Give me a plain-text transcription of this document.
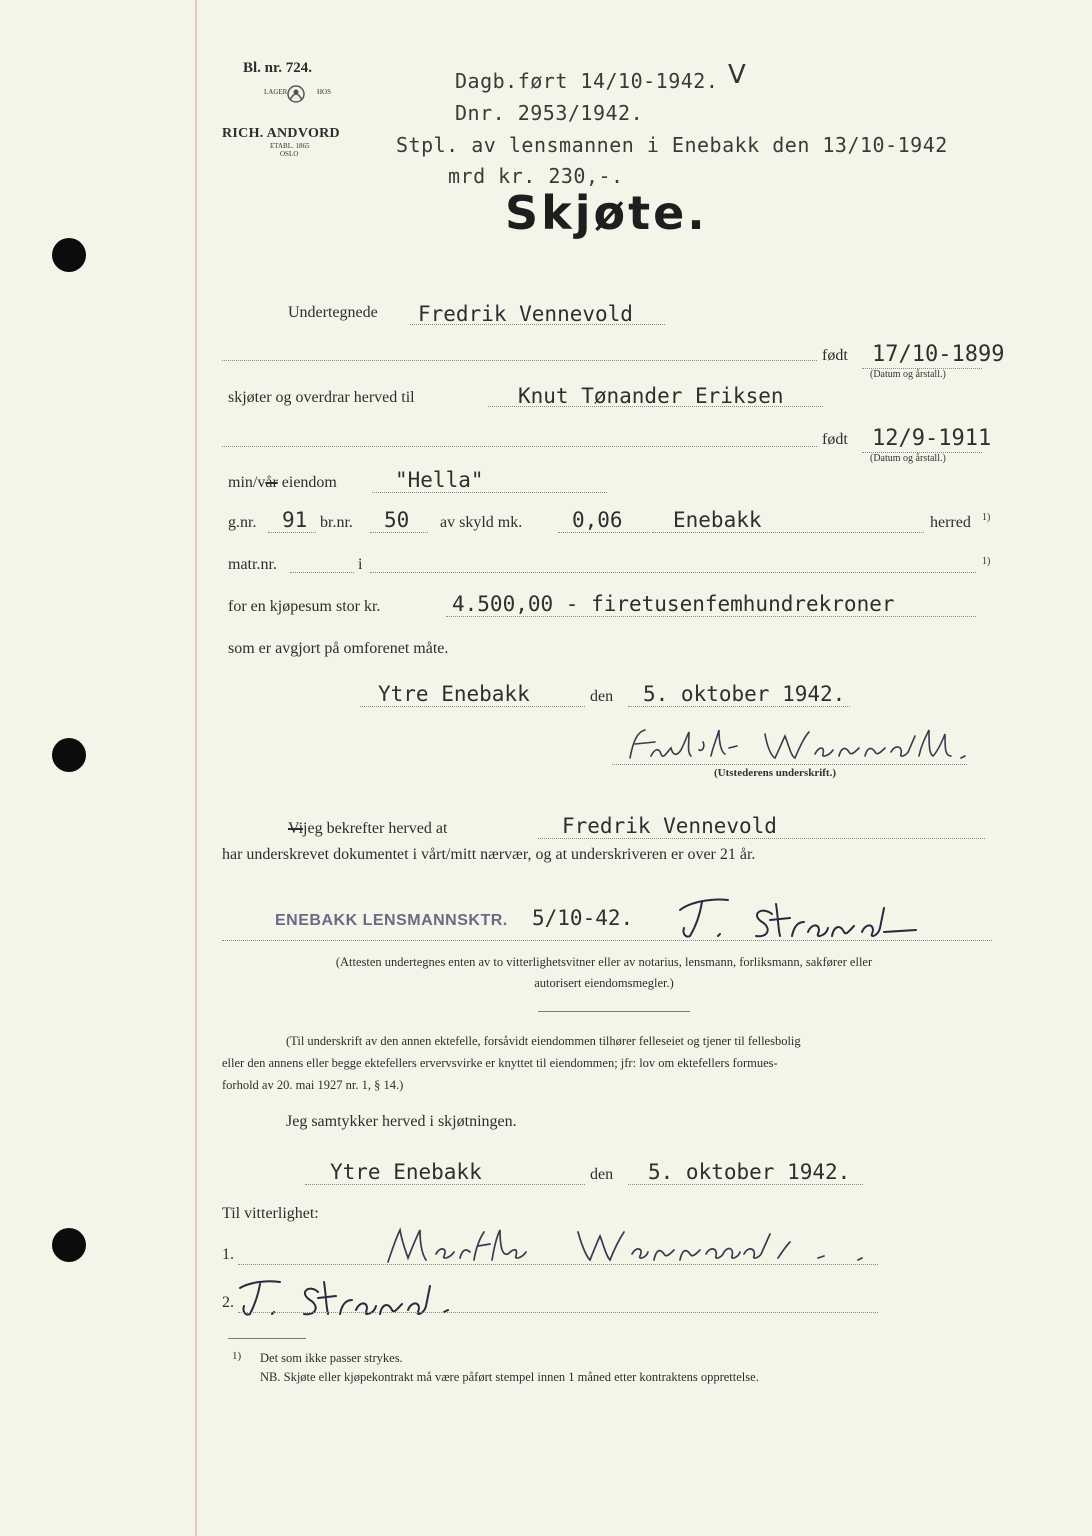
Bl. nr. 724.
LAGER	HOS
RICH. ANDVORD
ETABL. 1865
OSLO
Dagb.ført 14/10-1942. V
Dnr. 2953/1942.
Stpl. av lensmannen i Enebakk den 13/10-1942
mrd kr. 230,-.
Skjøte.
Undertegnede Fredrik Vennevold
født 17/10-1899
(Datum og årstall.)
skjøter og overdrar herved til	Knut Tønander Eriksen
født 12/9-1911
(Datum og årstall.)
min/vår eiendom	"Hella"
g.nr. 91 br.nr. 50 av skyld mk. 0,06 Enebakk	herred 1)
matr.nr.	i	1)
for en kjøpesum stor kr.	4.500,00 - firetusenfemhundrekroner
som er avgjort på omforenet måte.
Ytre Enebakk	den 5. oktober 1942.
(Utstederens underskrift.)
Vijeg bekrefter herved at	Fredrik Vennevold
har underskrevet dokumentet i vårt/mitt nærvær, og at underskriveren er over 21 år.
ENEBAKK LENSMANNSKTR. 5/10-42.
(Attesten undertegnes enten av to vitterlighetsvitner eller av notarius, lensmann, forliksmann, sakfører eller
autorisert eiendomsmegler.)
(Til underskrift av den annen ektefelle, forsåvidt eiendommen tilhører felleseiet og tjener til fellesbolig
eller den annens eller begge ektefellers ervervsvirke er knyttet til eiendommen; jfr: lov om ektefellers formues-
forhold av 20. mai 1927 nr. 1, § 14.)
Jeg samtykker herved i skjøtningen.
Ytre Enebakk	den 5. oktober 1942.
Til vitterlighet:
1.
2.
1) Det som ikke passer strykes.
NB. Skjøte eller kjøpekontrakt må være påført stempel innen 1 måned etter kontraktens opprettelse.
